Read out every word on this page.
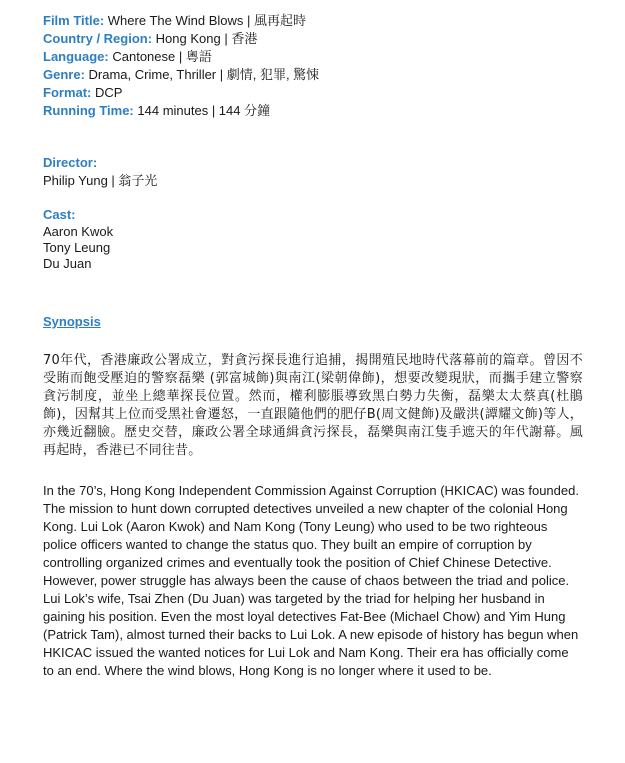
Film Title: Where The Wind Blows | 風再起時
Country / Region: Hong Kong | 香港
Language: Cantonese | 粵語
Genre: Drama, Crime, Thriller | 劇情, 犯罪, 驚悚
Format: DCP
Running Time: 144 minutes | 144 分鐘
Director:
Philip Yung | 翁子光
Cast:
Aaron Kwok
Tony Leung
Du Juan
Synopsis

70年代，香港廉政公署成立，對貪污探長進行追捕，揭開殖民地時代落幕前的篇章。曾因不受賄而飽受壓迫的警察磊樂 (郭富城飾)與南江(梁朝偉飾)，想要改變現狀，而攜手建立警察貪污制度，並坐上總華探長位置。然而，權利膨脹導致黑白勢力失衡，磊樂太太蔡真(杜鵑飾)，因幫其上位而受黑社會遷怒，一直跟隨他們的肥仔B(周文健飾)及嚴洪(譚耀文飾)等人，亦幾近翻臉。歷史交替，廉政公署全球通緝貪污探長，磊樂與南江隻手遮天的年代謝幕。風再起時，香港已不同往昔。

In the 70’s, Hong Kong Independent Commission Against Corruption (HKICAC) was founded. The mission to hunt down corrupted detectives unveiled a new chapter of the colonial Hong Kong. Lui Lok (Aaron Kwok) and Nam Kong (Tony Leung) who used to be two righteous police officers wanted to change the status quo. They built an empire of corruption by controlling organized crimes and eventually took the position of Chief Chinese Detective. However, power struggle has always been the cause of chaos between the triad and police. Lui Lok’s wife, Tsai Zhen (Du Juan) was targeted by the triad for helping her husband in gaining his position. Even the most loyal detectives Fat-Bee (Michael Chow) and Yim Hung (Patrick Tam), almost turned their backs to Lui Lok. A new episode of history has begun when HKICAC issued the wanted notices for Lui Lok and Nam Kong. Their era has officially come to an end. Where the wind blows, Hong Kong is no longer where it used to be.
